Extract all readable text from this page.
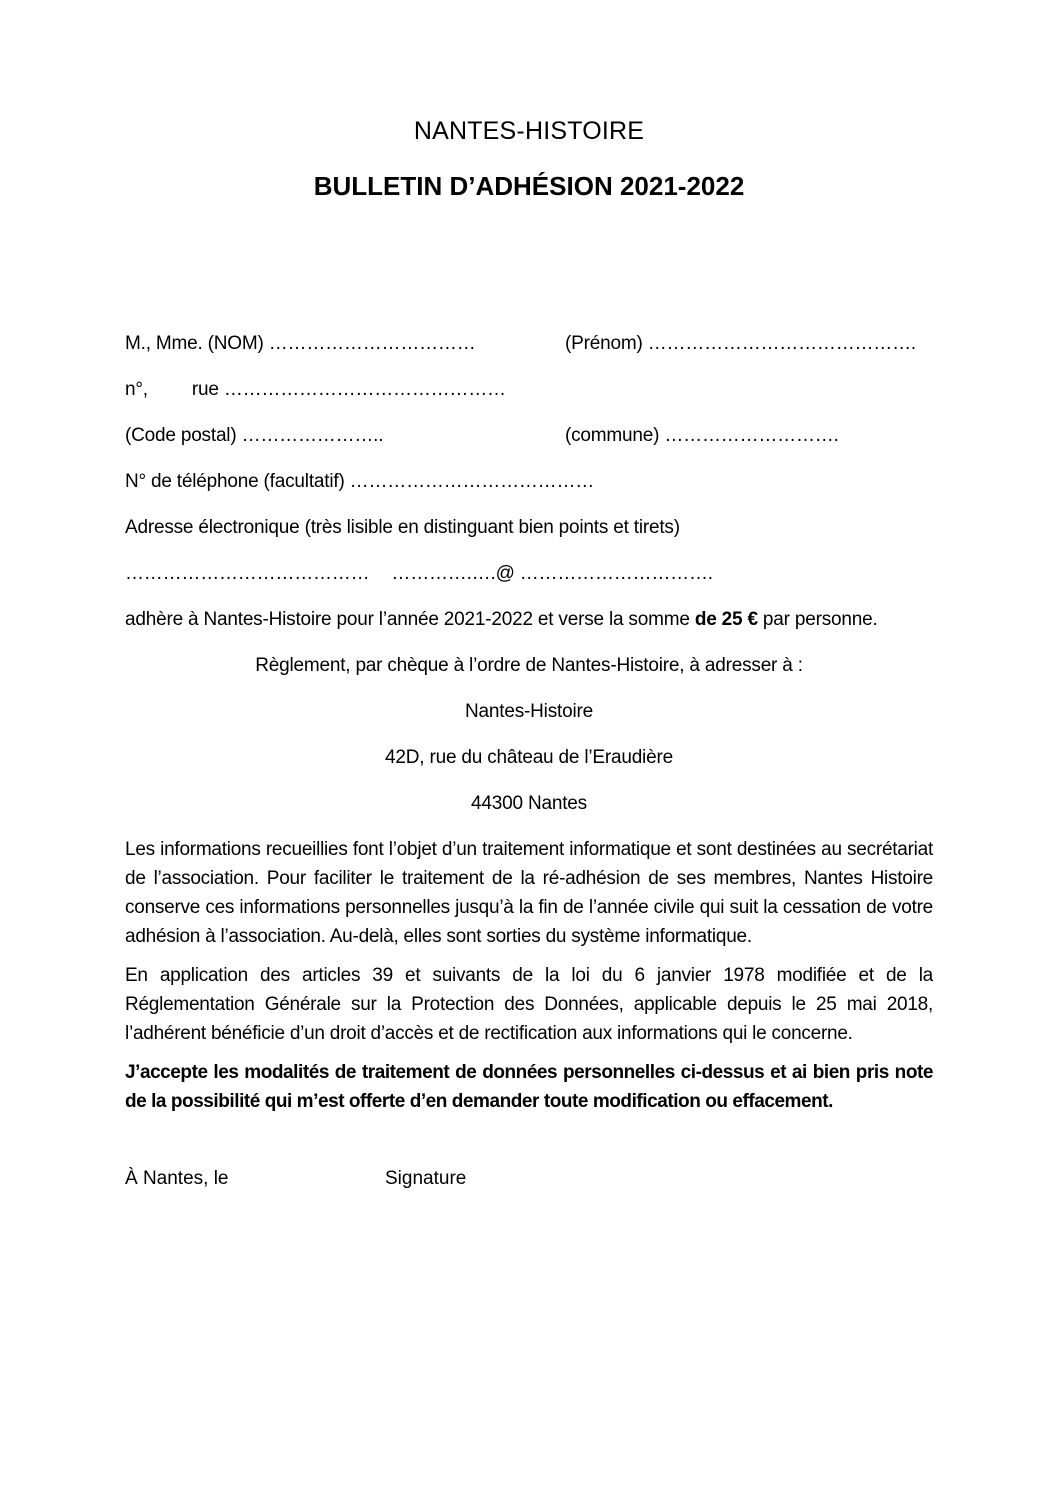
NANTES-HISTOIRE
BULLETIN D’ADHÉSION 2021-2022

M., Mme. (NOM) ……………………………	(Prénom) …………………………………….

n°, rue ………………………………………

(Code postal) …………………..	(commune) ……………………….

N° de téléphone (facultatif) …………………………………

Adresse électronique (très lisible en distinguant bien points et tirets)

………………………………… ………….….@ ………………………….

adhère à Nantes-Histoire pour l’année 2021-2022 et verse la somme de 25 € par personne.

Règlement, par chèque à l’ordre de Nantes-Histoire, à adresser à :

Nantes-Histoire

42D, rue du château de l’Eraudière

44300 Nantes

Les informations recueillies font l’objet d’un traitement informatique et sont destinées au secrétariat de l’association. Pour faciliter le traitement de la ré-adhésion de ses membres, Nantes Histoire conserve ces informations personnelles jusqu’à la fin de l’année civile qui suit la cessation de votre adhésion à l’association. Au-delà, elles sont sorties du système informatique.

En application des articles 39 et suivants de la loi du 6 janvier 1978 modifiée et de la Réglementation Générale sur la Protection des Données, applicable depuis le 25 mai 2018, l’adhérent bénéficie d’un droit d’accès et de rectification aux informations qui le concerne.

J’accepte les modalités de traitement de données personnelles ci-dessus et ai bien pris note de la possibilité qui m’est offerte d’en demander toute modification ou effacement.

À Nantes, le	Signature
